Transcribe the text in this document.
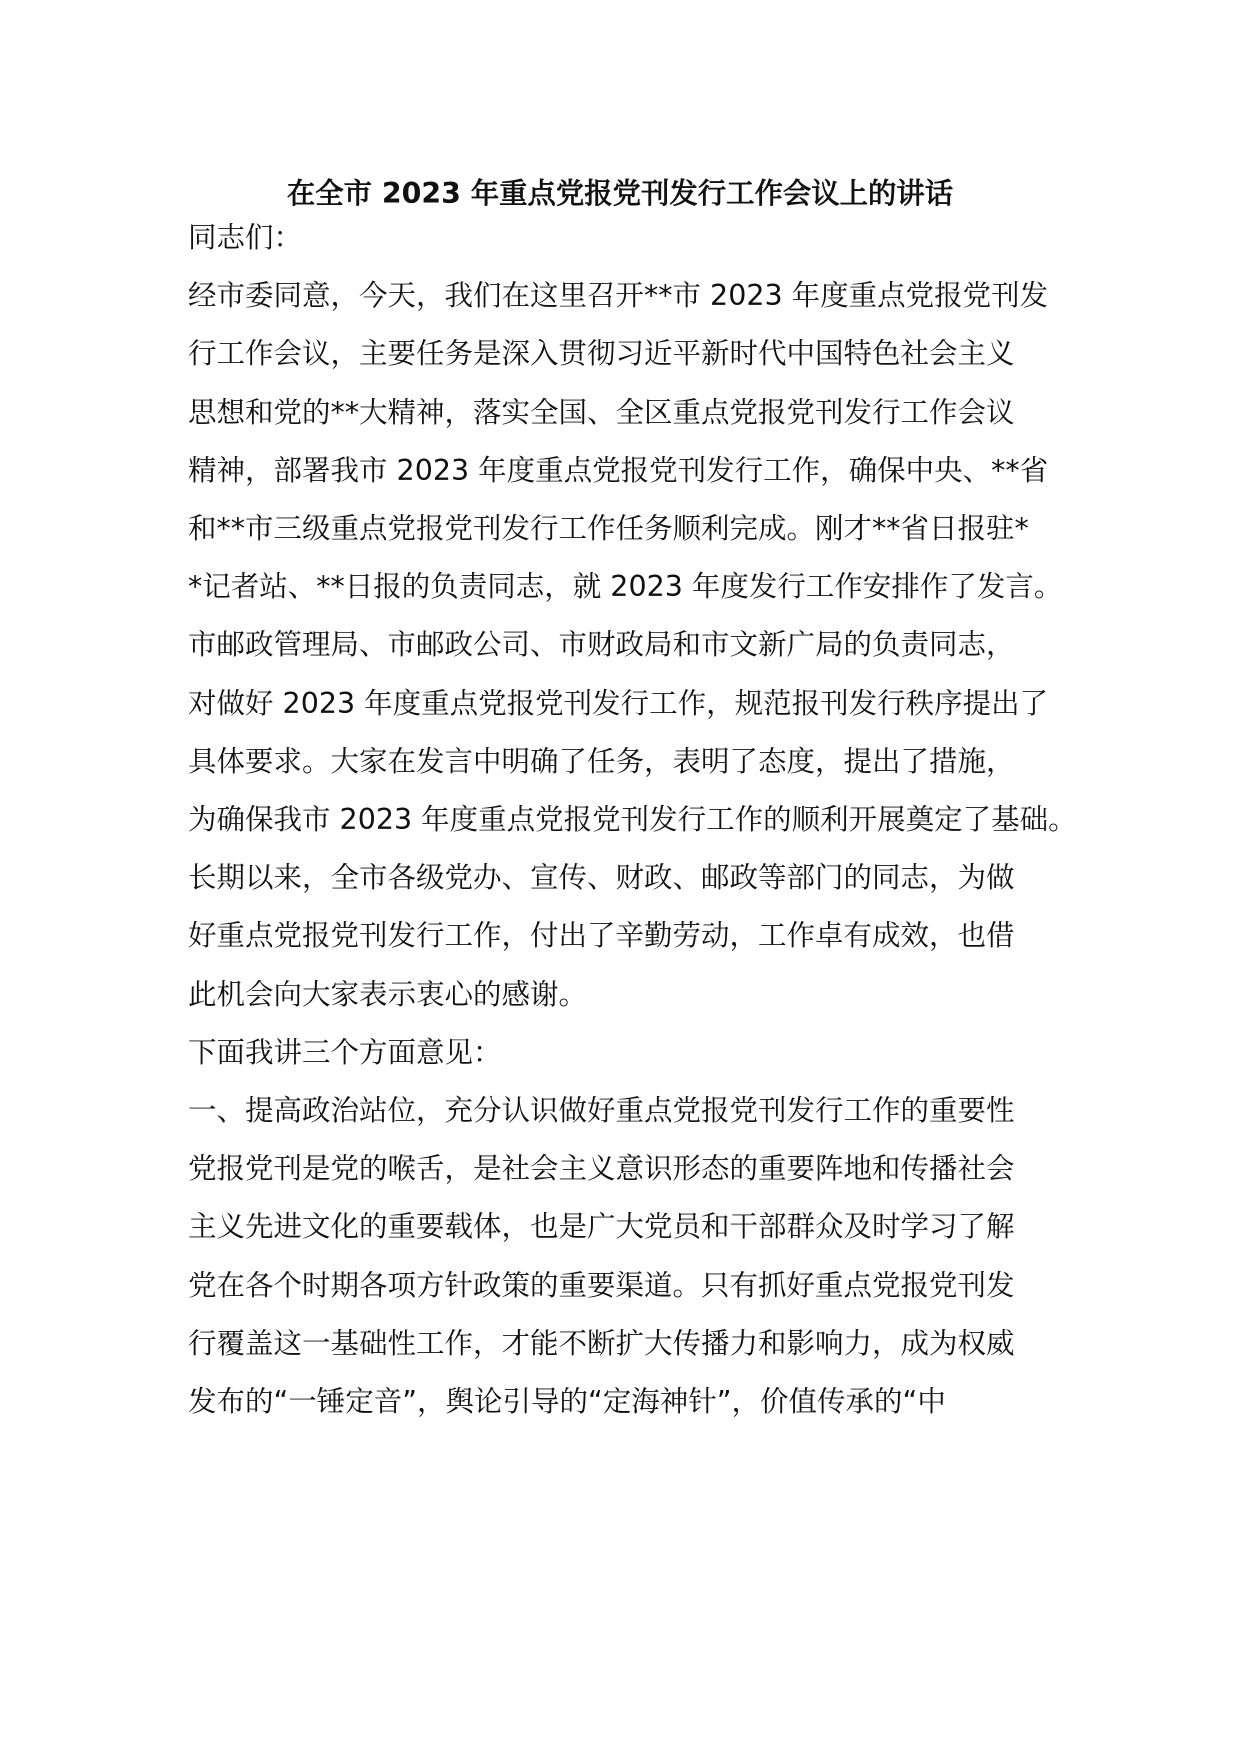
在全市 2023 年重点党报党刊发行工作会议上的讲话
同志们：
经市委同意，今天，我们在这里召开**市 2023 年度重点党报党刊发
行工作会议，主要任务是深入贯彻习近平新时代中国特色社会主义
思想和党的**大精神，落实全国、全区重点党报党刊发行工作会议
精神，部署我市 2023 年度重点党报党刊发行工作，确保中央、**省
和**市三级重点党报党刊发行工作任务顺利完成。刚才**省日报驻*
*记者站、**日报的负责同志，就 2023 年度发行工作安排作了发言。
市邮政管理局、市邮政公司、市财政局和市文新广局的负责同志，
对做好 2023 年度重点党报党刊发行工作，规范报刊发行秩序提出了
具体要求。大家在发言中明确了任务，表明了态度，提出了措施，
为确保我市 2023 年度重点党报党刊发行工作的顺利开展奠定了基础。
长期以来，全市各级党办、宣传、财政、邮政等部门的同志，为做
好重点党报党刊发行工作，付出了辛勤劳动，工作卓有成效，也借
此机会向大家表示衷心的感谢。
下面我讲三个方面意见：
一、提高政治站位，充分认识做好重点党报党刊发行工作的重要性
党报党刊是党的喉舌，是社会主义意识形态的重要阵地和传播社会
主义先进文化的重要载体，也是广大党员和干部群众及时学习了解
党在各个时期各项方针政策的重要渠道。只有抓好重点党报党刊发
行覆盖这一基础性工作，才能不断扩大传播力和影响力，成为权威
发布的“一锤定音”，舆论引导的“定海神针”，价值传承的“中
